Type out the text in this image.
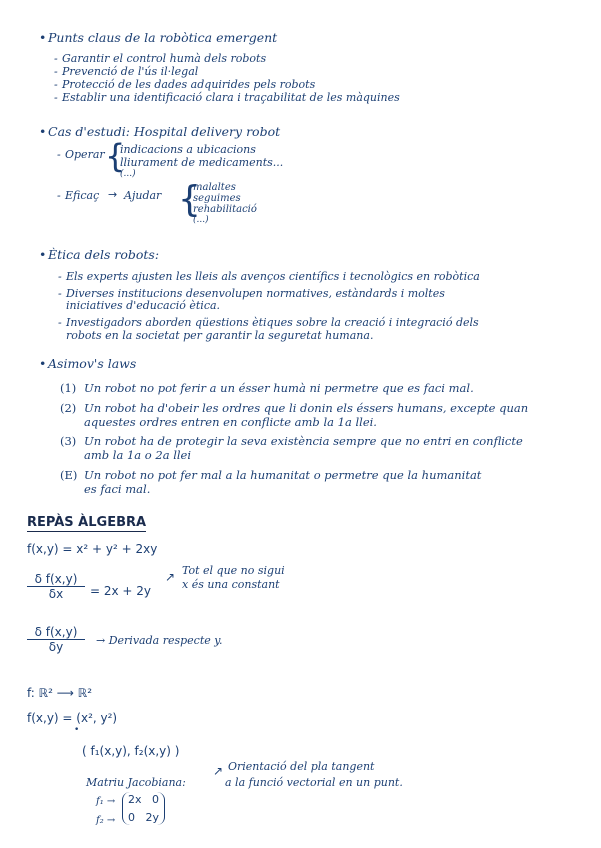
• Punts claus de la robòtica emergent
- Garantir el control humà dels robots
- Prevenció de l'ús il·legal
- Protecció de les dades adquirides pels robots
- Establir una identificació clara i traçabilitat de les màquines
• Cas d'estudi: Hospital delivery robot
- Operar {
indicacions a ubicacions
lliurament de medicaments...
(...)
- Eficaç → Ajudar {
malaltes
seguimes
rehabilitació
(...)
• Ètica dels robots:
- Els experts ajusten les lleis als avenços científics i tecnològics en robòtica
- Diverses institucions desenvolupen normatives, estàndards i moltes
iniciatives d'educació ètica.
- Investigadors aborden qüestions ètiques sobre la creació i integració dels
robots en la societat per garantir la seguretat humana.
• Asimov's laws
(1) Un robot no pot ferir a un ésser humà ni permetre que es faci mal.
(2) Un robot ha d'obeir les ordres que li donin els éssers humans, excepte quan
aquestes ordres entren en conflicte amb la 1a llei.
(3) Un robot ha de protegir la seva existència sempre que no entri en conflicte
amb la 1a o 2a llei
(E) Un robot no pot fer mal a la humanitat o permetre que la humanitat
es faci mal.
REPÀS ÀLGEBRA
f(x,y) = x² + y² + 2xy
$\frac{\text{δ f(x,y)}}{\delta x} = 2x + 2y$
↗ Tot el que no sigui
x és una constant
$\frac{\text{δ f(x,y)}}{\delta y}$ → Derivada respecte y.
f: ℝ² ⟶ ℝ²
f(x,y) = (x², y²)
•
( f₁(x,y), f₂(x,y) )
↗ Orientació del pla tangent
Matriu Jacobiana:	a la funció vectorial en un punt.
f₁ →
f₂ →
2x 0
0 2y
